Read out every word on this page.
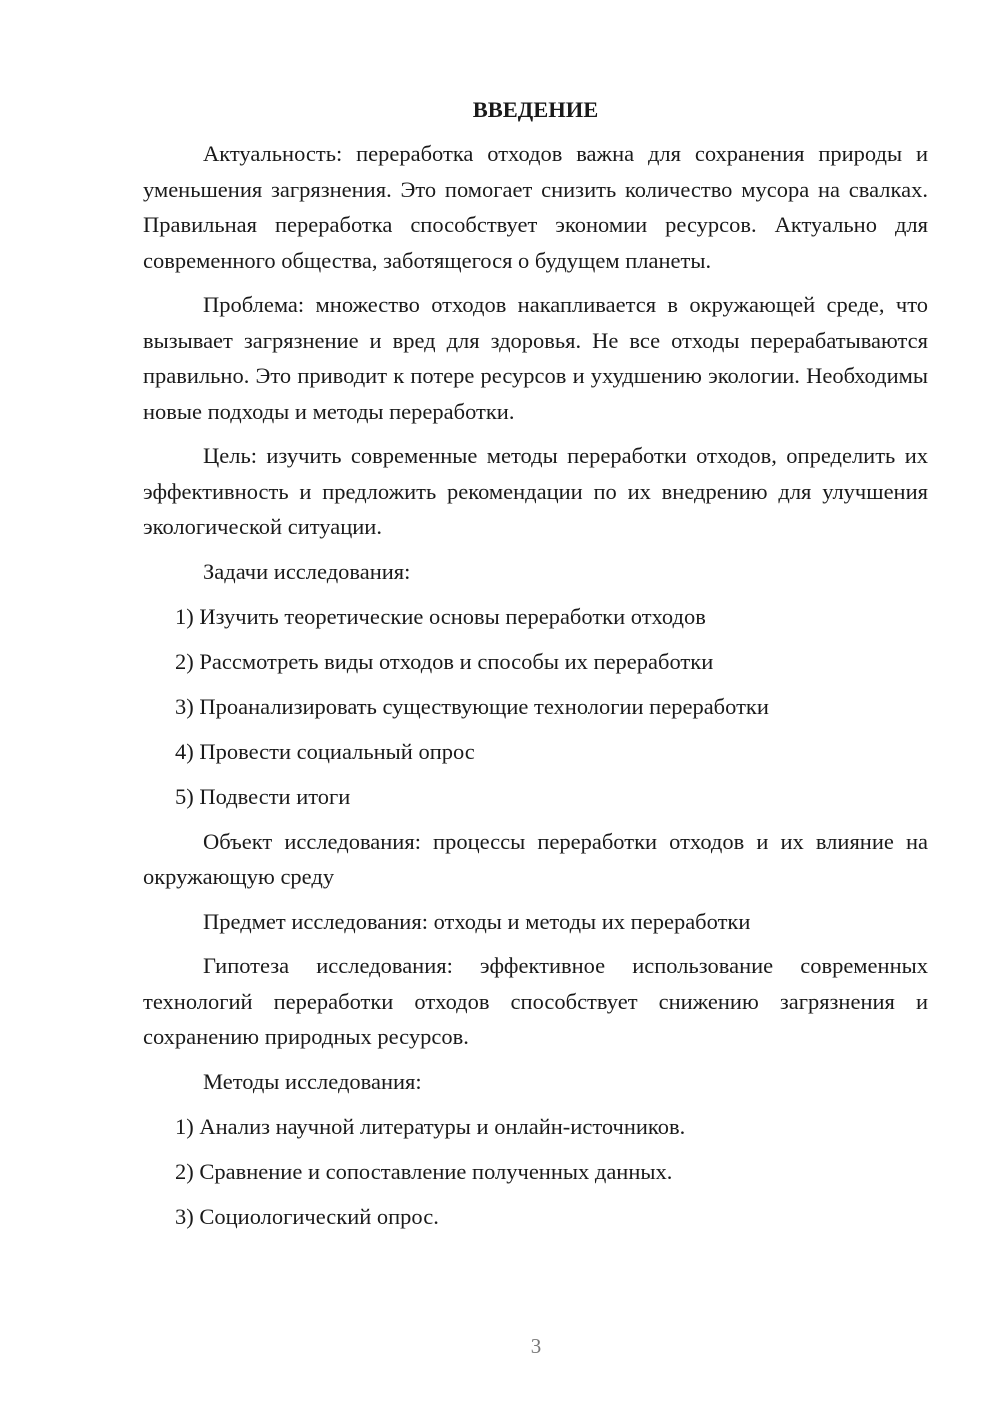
ВВЕДЕНИЕ

Актуальность: переработка отходов важна для сохранения природы и уменьшения загрязнения. Это помогает снизить количество мусора на свалках. Правильная переработка способствует экономии ресурсов. Актуально для современного общества, заботящегося о будущем планеты.

Проблема: множество отходов накапливается в окружающей среде, что вызывает загрязнение и вред для здоровья. Не все отходы перерабатываются правильно. Это приводит к потере ресурсов и ухудшению экологии. Необходимы новые подходы и методы переработки.

Цель: изучить современные методы переработки отходов, определить их эффективность и предложить рекомендации по их внедрению для улучшения экологической ситуации.

Задачи исследования:

1) Изучить теоретические основы переработки отходов
2) Рассмотреть виды отходов и способы их переработки
3) Проанализировать существующие технологии переработки
4) Провести социальный опрос
5) Подвести итоги

Объект исследования: процессы переработки отходов и их влияние на окружающую среду

Предмет исследования: отходы и методы их переработки

Гипотеза исследования: эффективное использование современных технологий переработки отходов способствует снижению загрязнения и сохранению природных ресурсов.

Методы исследования:

1) Анализ научной литературы и онлайн-источников.
2) Сравнение и сопоставление полученных данных.
3) Социологический опрос.
3
